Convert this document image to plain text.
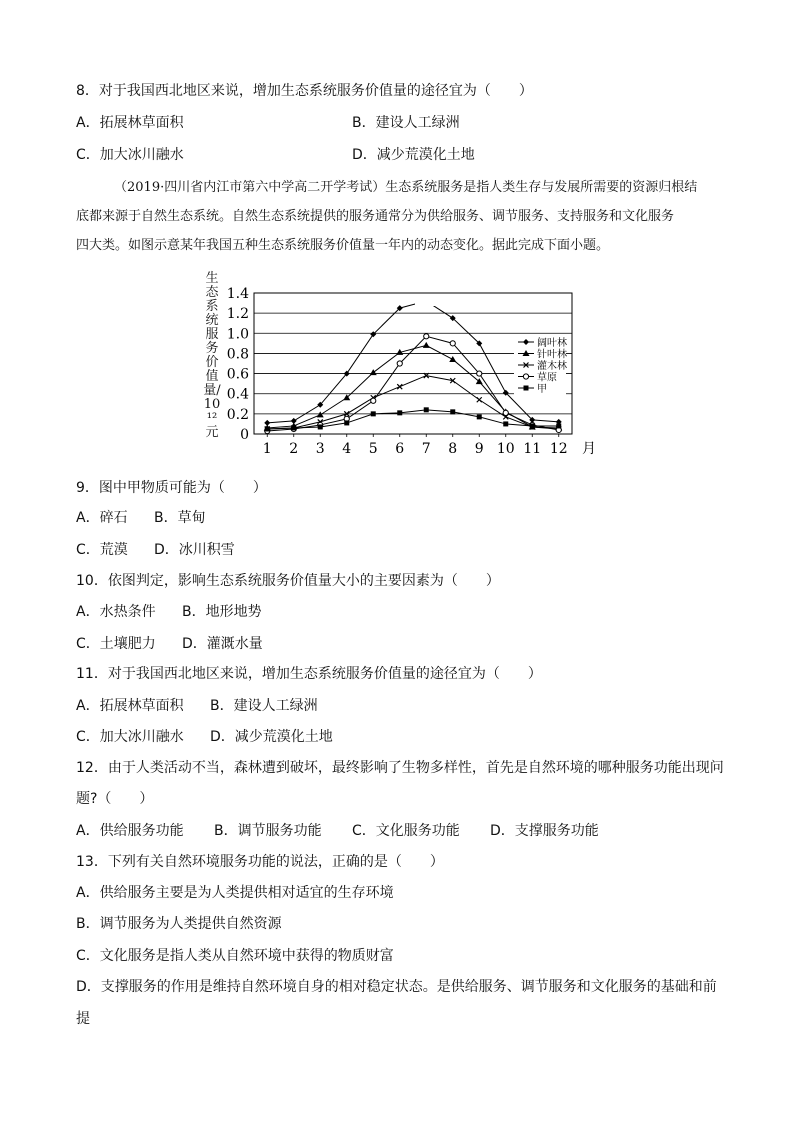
8．对于我国西北地区来说，增加生态系统服务价值量的途径宜为（　　）
A．拓展林草面积	B．建设人工绿洲
C．加大冰川融水	D．减少荒漠化土地
（2019·四川省内江市第六中学高二开学考试）生态系统服务是指人类生存与发展所需要的资源归根结
底都来源于自然生态系统。自然生态系统提供的服务通常分为供给服务、调节服务、支持服务和文化服务
四大类。如图示意某年我国五种生态系统服务价值量一年内的动态变化。据此完成下面小题。
生态系统服务价值量/10¹²元 0
0.2
0.4
0.6
0.8
1.0
1.2
1.4
1 2 3 4 5 6 7 8 9 10 11 12 月
阔叶林
针叶林
灌木林
草原
甲
9．图中甲物质可能为（　　）
A．碎石 B．草甸
C．荒漠 D．冰川积雪
10．依图判定，影响生态系统服务价值量大小的主要因素为（　　）
A．水热条件 B．地形地势
C．土壤肥力 D．灌溉水量
11．对于我国西北地区来说，增加生态系统服务价值量的途径宜为（　　）
A．拓展林草面积 B．建设人工绿洲
C．加大冰川融水 D．减少荒漠化土地
12．由于人类活动不当，森林遭到破坏，最终影响了生物多样性，首先是自然环境的哪种服务功能出现问
题?（　　）
A．供给服务功能 B．调节服务功能 C．文化服务功能 D．支撑服务功能
13．下列有关自然环境服务功能的说法，正确的是（　　）
A．供给服务主要是为人类提供相对适宜的生存环境
B．调节服务为人类提供自然资源
C．文化服务是指人类从自然环境中获得的物质财富
D．支撑服务的作用是维持自然环境自身的相对稳定状态。是供给服务、调节服务和文化服务的基础和前
提
